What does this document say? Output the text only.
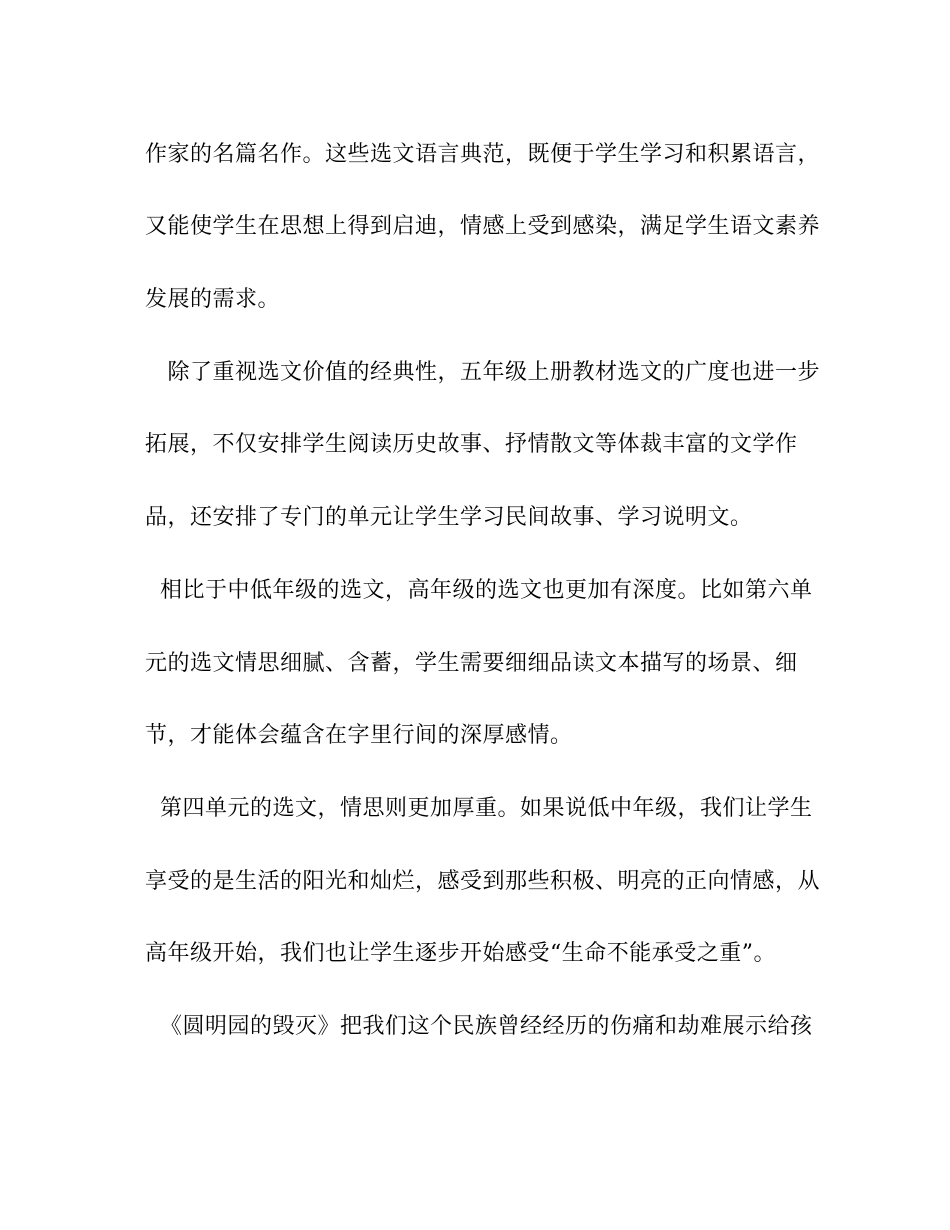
作家的名篇名作。这些选文语言典范，既便于学生学习和积累语言，
又能使学生在思想上得到启迪，情感上受到感染，满足学生语文素养
发展的需求。
除了重视选文价值的经典性，五年级上册教材选文的广度也进一步
拓展，不仅安排学生阅读历史故事、抒情散文等体裁丰富的文学作
品，还安排了专门的单元让学生学习民间故事、学习说明文。
相比于中低年级的选文，高年级的选文也更加有深度。比如第六单
元的选文情思细腻、含蓄，学生需要细细品读文本描写的场景、细
节，才能体会蕴含在字里行间的深厚感情。
第四单元的选文，情思则更加厚重。如果说低中年级，我们让学生
享受的是生活的阳光和灿烂，感受到那些积极、明亮的正向情感，从
高年级开始，我们也让学生逐步开始感受“生命不能承受之重”。
《圆明园的毁灭》把我们这个民族曾经经历的伤痛和劫难展示给孩
